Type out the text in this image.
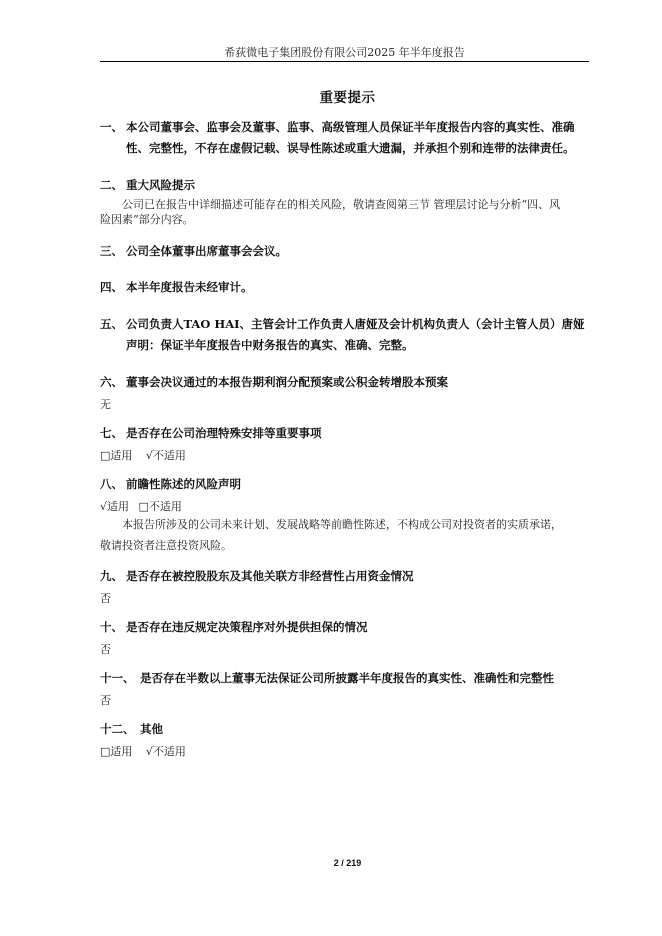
希荻微电子集团股份有限公司2025 年半年度报告
重要提示
一、 本公司董事会、监事会及董事、监事、高级管理人员保证半年度报告内容的真实性、准确
性、完整性，不存在虚假记载、误导性陈述或重大遗漏，并承担个别和连带的法律责任。
二、 重大风险提示
公司已在报告中详细描述可能存在的相关风险，敬请查阅第三节 管理层讨论与分析“四、风
险因素”部分内容。
三、 公司全体董事出席董事会会议。
四、 本半年度报告未经审计。
五、 公司负责人TAO HAI、主管会计工作负责人唐娅及会计机构负责人（会计主管人员）唐娅
声明：保证半年度报告中财务报告的真实、准确、完整。
六、 董事会决议通过的本报告期利润分配预案或公积金转增股本预案
无
七、 是否存在公司治理特殊安排等重要事项
□适用 √不适用
八、 前瞻性陈述的风险声明
√适用 □不适用
本报告所涉及的公司未来计划、发展战略等前瞻性陈述，不构成公司对投资者的实质承诺，
敬请投资者注意投资风险。
九、 是否存在被控股股东及其他关联方非经营性占用资金情况
否
十、 是否存在违反规定决策程序对外提供担保的情况
否
十一、 是否存在半数以上董事无法保证公司所披露半年度报告的真实性、准确性和完整性
否
十二、 其他
□适用 √不适用
2 / 219
